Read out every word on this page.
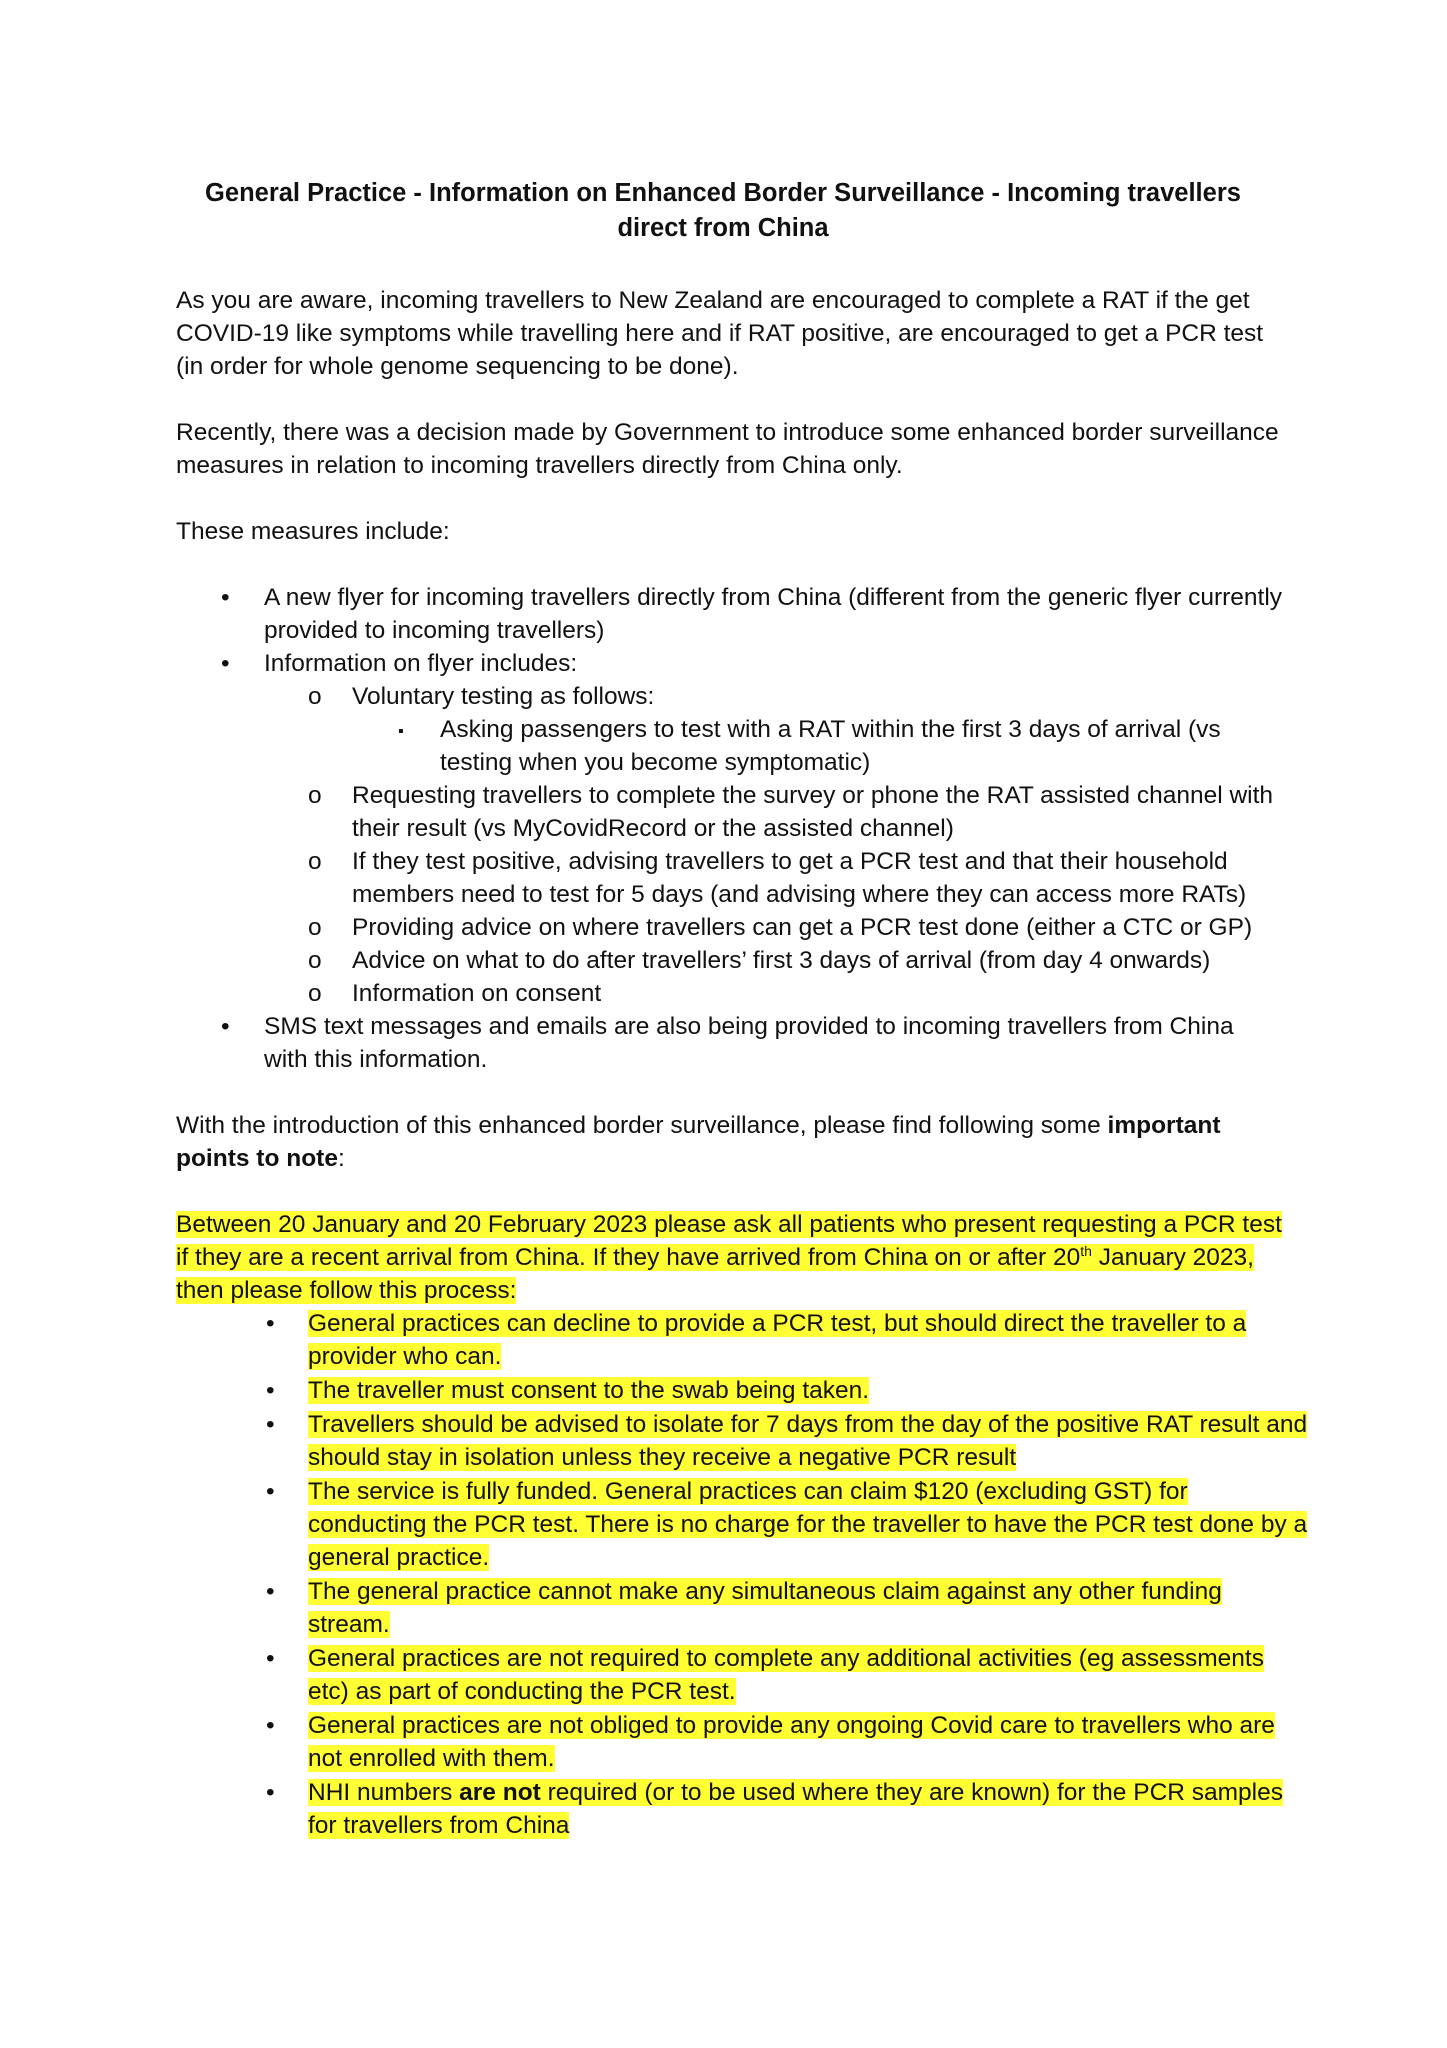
General Practice - Information on Enhanced Border Surveillance - Incoming travellers direct from China
As you are aware, incoming travellers to New Zealand are encouraged to complete a RAT if the get COVID-19 like symptoms while travelling here and if RAT positive, are encouraged to get a PCR test (in order for whole genome sequencing to be done).
Recently, there was a decision made by Government to introduce some enhanced border surveillance measures in relation to incoming travellers directly from China only.
These measures include:
•
A new flyer for incoming travellers directly from China (different from the generic flyer currently provided to incoming travellers)
•
Information on flyer includes:
o
Voluntary testing as follows:
▪
Asking passengers to test with a RAT within the first 3 days of arrival (vs testing when you become symptomatic)
o
Requesting travellers to complete the survey or phone the RAT assisted channel with their result (vs MyCovidRecord or the assisted channel)
o
If they test positive, advising travellers to get a PCR test and that their household members need to test for 5 days (and advising where they can access more RATs)
o
Providing advice on where travellers can get a PCR test done (either a CTC or GP)
o
Advice on what to do after travellers’ first 3 days of arrival (from day 4 onwards)
o
Information on consent
•
SMS text messages and emails are also being provided to incoming travellers from China with this information.
With the introduction of this enhanced border surveillance, please find following some important points to note:
Between 20 January and 20 February 2023 please ask all patients who present requesting a PCR test if they are a recent arrival from China. If they have arrived from China on or after 20th January 2023, then please follow this process:
•
General practices can decline to provide a PCR test, but should direct the traveller to a provider who can.
•
The traveller must consent to the swab being taken.
•
Travellers should be advised to isolate for 7 days from the day of the positive RAT result and should stay in isolation unless they receive a negative PCR result
•
The service is fully funded. General practices can claim $120 (excluding GST) for conducting the PCR test. There is no charge for the traveller to have the PCR test done by a general practice.
•
The general practice cannot make any simultaneous claim against any other funding stream.
•
General practices are not required to complete any additional activities (eg assessments etc) as part of conducting the PCR test.
•
General practices are not obliged to provide any ongoing Covid care to travellers who are not enrolled with them.
•
NHI numbers are not required (or to be used where they are known) for the PCR samples for travellers from China
